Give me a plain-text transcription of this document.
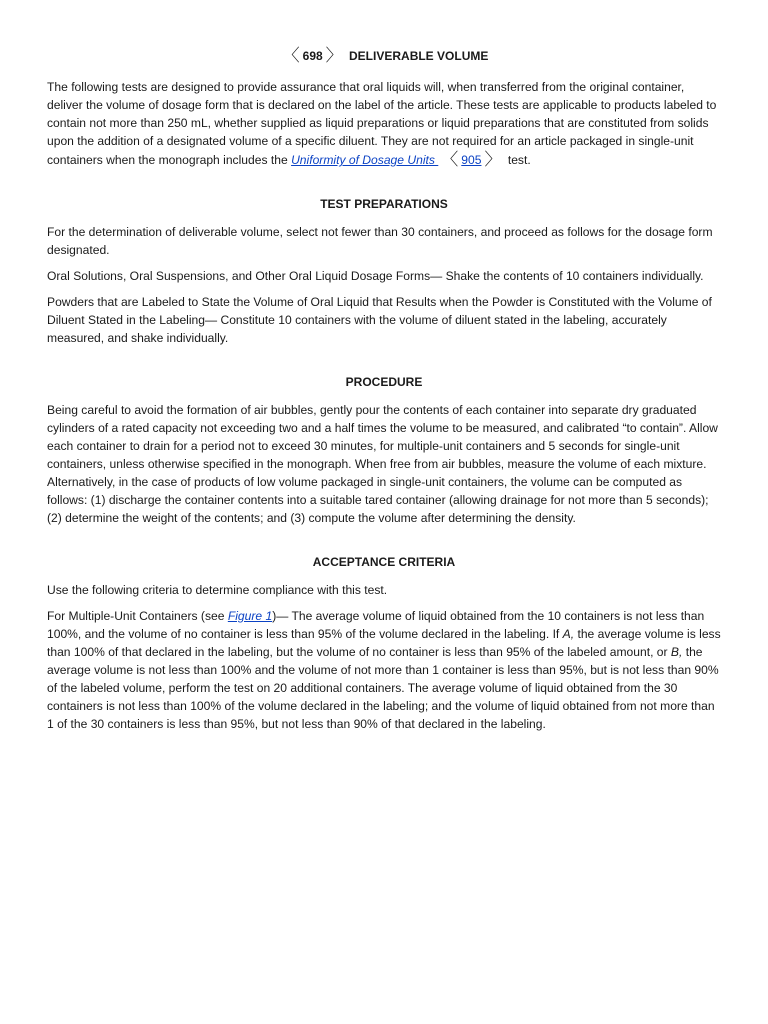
〈 698 〉 DELIVERABLE VOLUME

The following tests are designed to provide assurance that oral liquids will, when transferred from the original container, deliver the volume of dosage form that is declared on the label of the article. These tests are applicable to products labeled to contain not more than 250 mL, whether supplied as liquid preparations or liquid preparations that are constituted from solids upon the addition of a designated volume of a specific diluent. They are not required for an article packaged in single-unit containers when the monograph includes the Uniformity of Dosage Units 〈 905 〉 test.

TEST PREPARATIONS

For the determination of deliverable volume, select not fewer than 30 containers, and proceed as follows for the dosage form designated.

Oral Solutions, Oral Suspensions, and Other Oral Liquid Dosage Forms— Shake the contents of 10 containers individually.

Powders that are Labeled to State the Volume of Oral Liquid that Results when the Powder is Constituted with the Volume of Diluent Stated in the Labeling— Constitute 10 containers with the volume of diluent stated in the labeling, accurately measured, and shake individually.

PROCEDURE

Being careful to avoid the formation of air bubbles, gently pour the contents of each container into separate dry graduated cylinders of a rated capacity not exceeding two and a half times the volume to be measured, and calibrated “to contain”. Allow each container to drain for a period not to exceed 30 minutes, for multiple-unit containers and 5 seconds for single-unit containers, unless otherwise specified in the monograph. When free from air bubbles, measure the volume of each mixture. Alternatively, in the case of products of low volume packaged in single-unit containers, the volume can be computed as follows: (1) discharge the container contents into a suitable tared container (allowing drainage for not more than 5 seconds); (2) determine the weight of the contents; and (3) compute the volume after determining the density.

ACCEPTANCE CRITERIA

Use the following criteria to determine compliance with this test.

For Multiple-Unit Containers (see Figure 1)— The average volume of liquid obtained from the 10 containers is not less than 100%, and the volume of no container is less than 95% of the volume declared in the labeling. If A, the average volume is less than 100% of that declared in the labeling, but the volume of no container is less than 95% of the labeled amount, or B, the average volume is not less than 100% and the volume of not more than 1 container is less than 95%, but is not less than 90% of the labeled volume, perform the test on 20 additional containers. The average volume of liquid obtained from the 30 containers is not less than 100% of the volume declared in the labeling; and the volume of liquid obtained from not more than 1 of the 30 containers is less than 95%, but not less than 90% of that declared in the labeling.
